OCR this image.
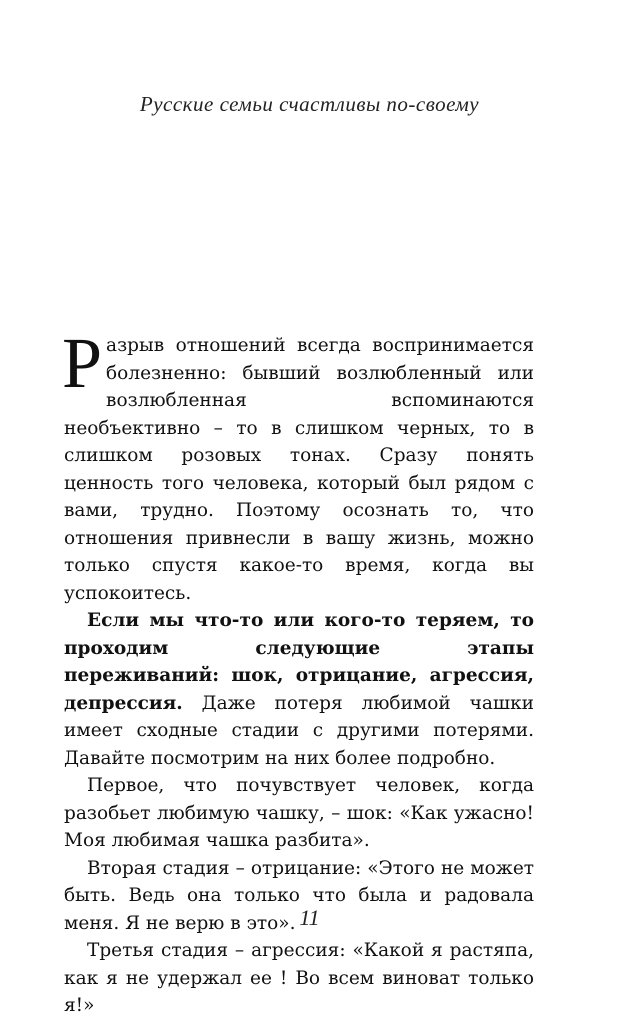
Русские семьи счастливы по-своему

Разрыв отношений всегда воспринимается болезненно: бывший возлюбленный или возлюбленная вспоминаются необъективно – то в слишком черных, то в слишком розовых тонах. Сразу понять ценность того человека, который был рядом с вами, трудно. Поэтому осознать то, что отношения привнесли в вашу жизнь, можно только спустя какое-то время, когда вы успокоитесь.

Если мы что-то или кого-то теряем, то проходим следующие этапы переживаний: шок, отрицание, агрессия, депрессия. Даже потеря любимой чашки имеет сходные стадии с другими потерями. Давайте посмотрим на них более подробно.

Первое, что почувствует человек, когда разобьет любимую чашку, – шок: «Как ужасно! Моя любимая чашка разбита».

Вторая стадия – отрицание: «Этого не может быть. Ведь она только что была и радовала меня. Я не верю в это».

Третья стадия – агрессия: «Какой я растяпа, как я не удержал ее ! Во всем виноват только я!»

11
